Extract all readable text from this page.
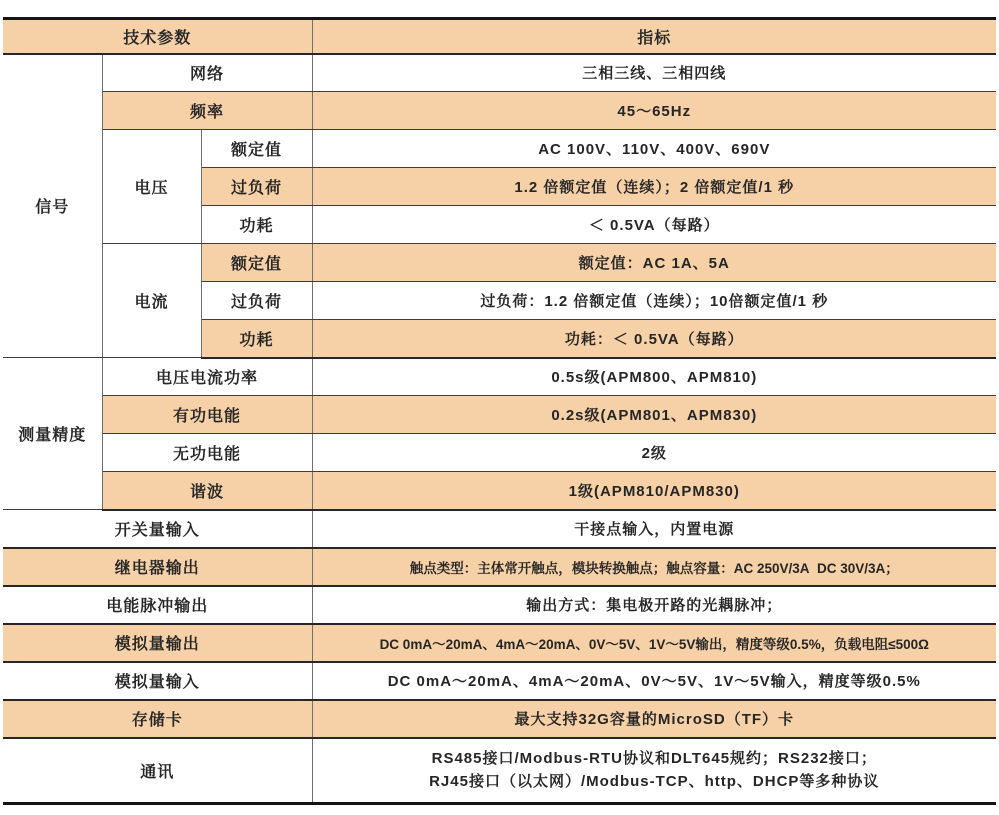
技术参数			指标
信号	网络		三相三线、三相四线
	频率		45～65Hz
	电压	额定值	AC 100V、110V、400V、690V
		过负荷	1.2 倍额定值（连续）；2 倍额定值/1 秒
		功耗	＜ 0.5VA（每路）
	电流	额定值	额定值：AC 1A、5A
		过负荷	过负荷：1.2 倍额定值（连续）；10倍额定值/1 秒
		功耗	功耗：＜ 0.5VA（每路）
测量精度	电压电流功率		0.5s级(APM800、APM810)
	有功电能		0.2s级(APM801、APM830)
	无功电能		2级
	谐波		1级(APM810/APM830)
开关量输入			干接点输入，内置电源
继电器输出			触点类型：主体常开触点，模块转换触点；触点容量：AC 250V/3A  DC 30V/3A；
电能脉冲输出			输出方式：集电极开路的光耦脉冲；
模拟量输出			DC 0mA～20mA、4mA～20mA、0V～5V、1V～5V输出，精度等级0.5%，负载电阻≤500Ω
模拟量输入			DC 0mA～20mA、4mA～20mA、0V～5V、1V～5V输入，精度等级0.5%
存储卡			最大支持32G容量的MicroSD（TF）卡
通讯			RS485接口/Modbus-RTU协议和DLT645规约；RS232接口；
RJ45接口（以太网）/Modbus-TCP、http、DHCP等多种协议
